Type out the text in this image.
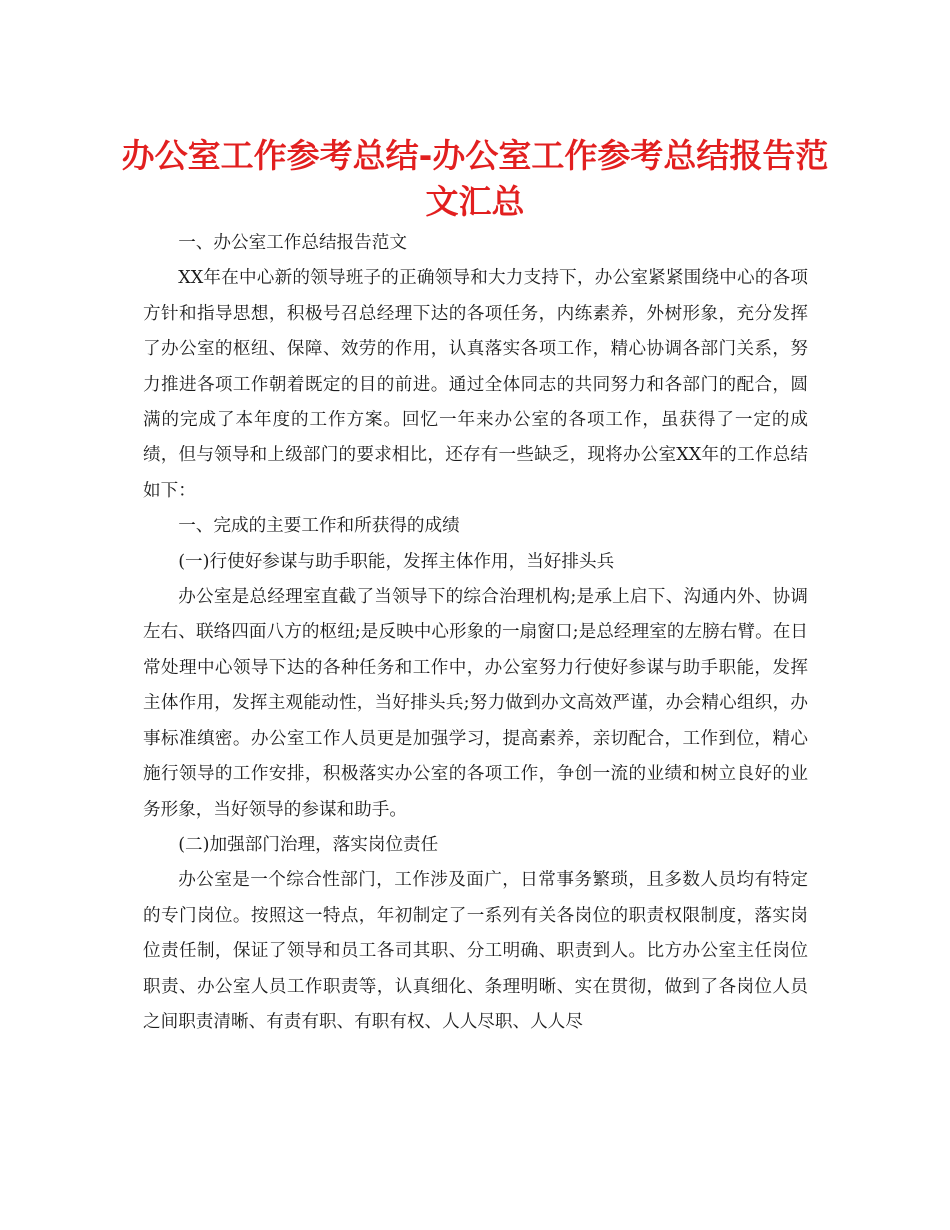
办公室工作参考总结-办公室工作参考总结报告范文汇总

一、办公室工作总结报告范文

XX年在中心新的领导班子的正确领导和大力支持下，办公室紧紧围绕中心的各项方针和指导思想，积极号召总经理下达的各项任务，内练素养，外树形象，充分发挥了办公室的枢纽、保障、效劳的作用，认真落实各项工作，精心协调各部门关系，努力推进各项工作朝着既定的目的前进。通过全体同志的共同努力和各部门的配合，圆满的完成了本年度的工作方案。回忆一年来办公室的各项工作，虽获得了一定的成绩，但与领导和上级部门的要求相比，还存有一些缺乏，现将办公室XX年的工作总结如下：

一、完成的主要工作和所获得的成绩

(一)行使好参谋与助手职能，发挥主体作用，当好排头兵

办公室是总经理室直截了当领导下的综合治理机构;是承上启下、沟通内外、协调左右、联络四面八方的枢纽;是反映中心形象的一扇窗口;是总经理室的左膀右臂。在日常处理中心领导下达的各种任务和工作中，办公室努力行使好参谋与助手职能，发挥主体作用，发挥主观能动性，当好排头兵;努力做到办文高效严谨，办会精心组织，办事标准缜密。办公室工作人员更是加强学习，提高素养，亲切配合，工作到位，精心施行领导的工作安排，积极落实办公室的各项工作，争创一流的业绩和树立良好的业务形象，当好领导的参谋和助手。

(二)加强部门治理，落实岗位责任

办公室是一个综合性部门，工作涉及面广，日常事务繁琐，且多数人员均有特定的专门岗位。按照这一特点，年初制定了一系列有关各岗位的职责权限制度，落实岗位责任制，保证了领导和员工各司其职、分工明确、职责到人。比方办公室主任岗位职责、办公室人员工作职责等，认真细化、条理明晰、实在贯彻，做到了各岗位人员之间职责清晰、有责有职、有职有权、人人尽职、人人尽
